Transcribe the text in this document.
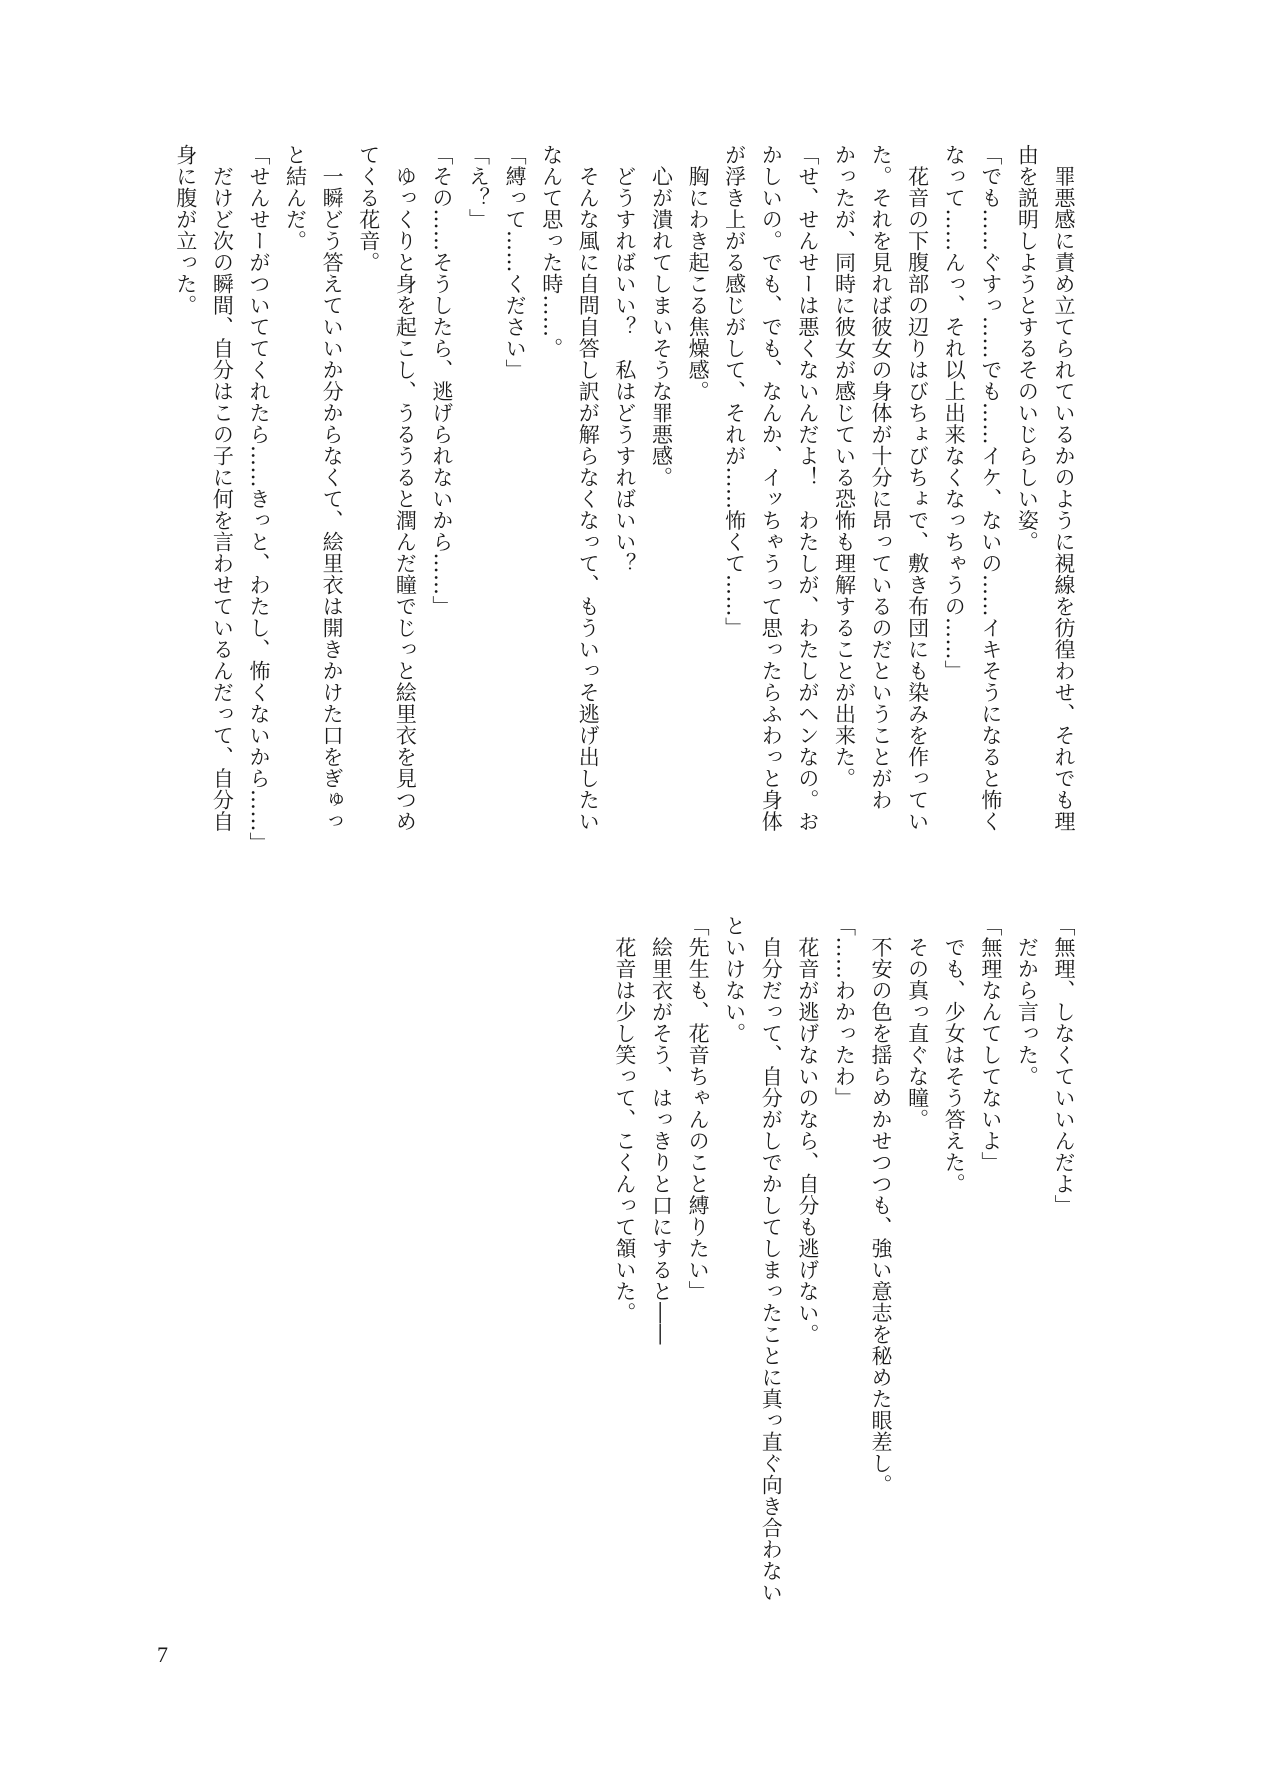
　罪悪感に責め立てられているかのように視線を彷徨わせ、それでも理
由を説明しようとするそのいじらしい姿。
「でも……ぐすっ……でも……イケ、ないの……イキそうになると怖く
なって……んっ、それ以上出来なくなっちゃうの……」
　花音の下腹部の辺りはびちょびちょで、敷き布団にも染みを作ってい
た。それを見れば彼女の身体が十分に昂っているのだということがわ
かったが、同時に彼女が感じている恐怖も理解することが出来た。
「せ、せんせーは悪くないんだよ！　わたしが、わたしがヘンなの。お
かしいの。でも、でも、なんか、イッちゃうって思ったらふわっと身体
が浮き上がる感じがして、それが……怖くて……」
　胸にわき起こる焦燥感。
　心が潰れてしまいそうな罪悪感。
　どうすればいい？　私はどうすればいい？
　そんな風に自問自答し訳が解らなくなって、もういっそ逃げ出したい
なんて思った時……。
「縛って……ください」
「え？」
「その……そうしたら、逃げられないから……」
　ゆっくりと身を起こし、うるうると潤んだ瞳でじっと絵里衣を見つめ
てくる花音。
　一瞬どう答えていいか分からなくて、絵里衣は開きかけた口をぎゅっ
と結んだ。
「せんせーがついててくれたら……きっと、わたし、怖くないから……」
　だけど次の瞬間、自分はこの子に何を言わせているんだって、自分自
身に腹が立った。
「無理、しなくていいんだよ」
　だから言った。
「無理なんてしてないよ」
　でも、少女はそう答えた。
　その真っ直ぐな瞳。
　不安の色を揺らめかせつつも、強い意志を秘めた眼差し。
「……わかったわ」
　花音が逃げないのなら、自分も逃げない。
　自分だって、自分がしでかしてしまったことに真っ直ぐ向き合わない
といけない。
「先生も、花音ちゃんのこと縛りたい」
　絵里衣がそう、はっきりと口にすると――
　花音は少し笑って、こくんって頷いた。
7
